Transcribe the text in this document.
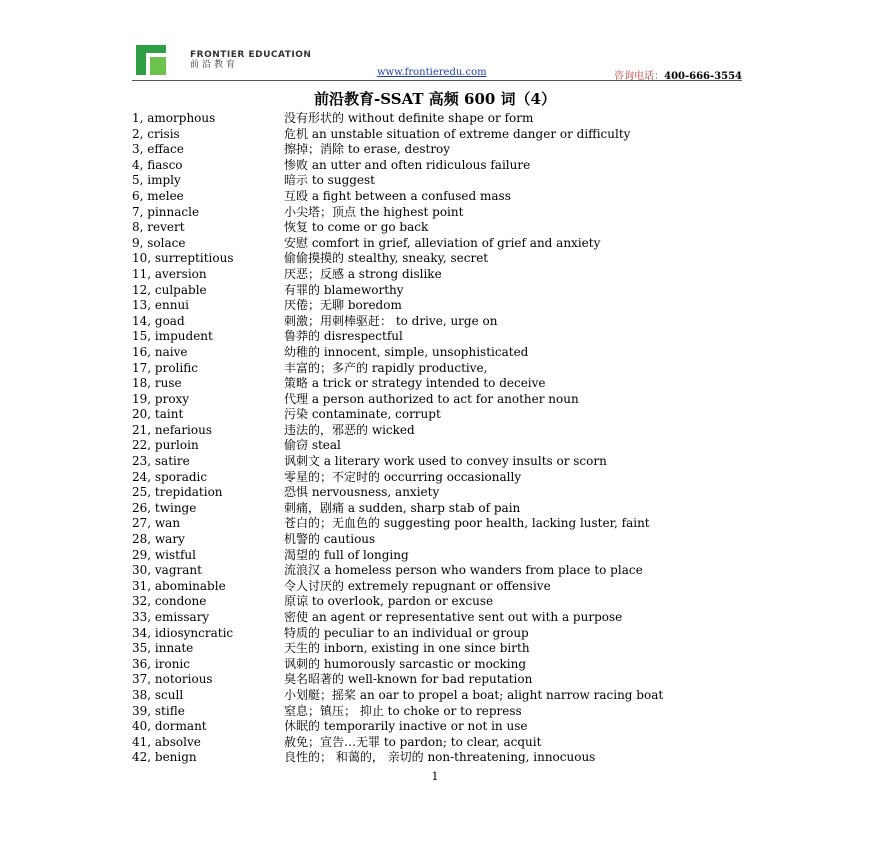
FRONTIER EDUCATION
前沿教育
www.frontieredu.com	咨询电话：400-666-3554
前沿教育-SSAT 高频 600 词（4）
1, amorphous	没有形状的 without definite shape or form
2, crisis	危机 an unstable situation of extreme danger or difficulty
3, efface	擦掉；消除 to erase, destroy
4, fiasco	惨败 an utter and often ridiculous failure
5, imply	暗示 to suggest
6, melee	互殴 a fight between a confused mass
7, pinnacle	小尖塔；顶点 the highest point
8, revert	恢复 to come or go back
9, solace	安慰 comfort in grief, alleviation of grief and anxiety
10, surreptitious	偷偷摸摸的 stealthy, sneaky, secret
11, aversion	厌恶；反感 a strong dislike
12, culpable	有罪的 blameworthy
13, ennui	厌倦；无聊 boredom
14, goad	刺激；用刺棒驱赶： to drive, urge on
15, impudent	鲁莽的 disrespectful
16, naive	幼稚的 innocent, simple, unsophisticated
17, prolific	丰富的；多产的 rapidly productive,
18, ruse	策略 a trick or strategy intended to deceive
19, proxy	代理 a person authorized to act for another noun
20, taint	污染 contaminate, corrupt
21, nefarious	违法的，邪恶的 wicked
22, purloin	偷窃 steal
23, satire	讽刺文 a literary work used to convey insults or scorn
24, sporadic	零星的；不定时的 occurring occasionally
25, trepidation	恐惧 nervousness, anxiety
26, twinge	刺痛，剧痛 a sudden, sharp stab of pain
27, wan	苍白的；无血色的 suggesting poor health, lacking luster, faint
28, wary	机警的 cautious
29, wistful	渴望的 full of longing
30, vagrant	流浪汉 a homeless person who wanders from place to place
31, abominable	令人讨厌的 extremely repugnant or offensive
32, condone	原谅 to overlook, pardon or excuse
33, emissary	密使 an agent or representative sent out with a purpose
34, idiosyncratic	特质的 peculiar to an individual or group
35, innate	天生的 inborn, existing in one since birth
36, ironic	讽刺的 humorously sarcastic or mocking
37, notorious	臭名昭著的 well-known for bad reputation
38, scull	小划艇；摇桨 an oar to propel a boat; alight narrow racing boat
39, stifle	窒息；镇压； 抑止 to choke or to repress
40, dormant	休眠的 temporarily inactive or not in use
41, absolve	赦免；宣告…无罪 to pardon; to clear, acquit
42, benign	良性的； 和蔼的， 亲切的 non-threatening, innocuous
1
